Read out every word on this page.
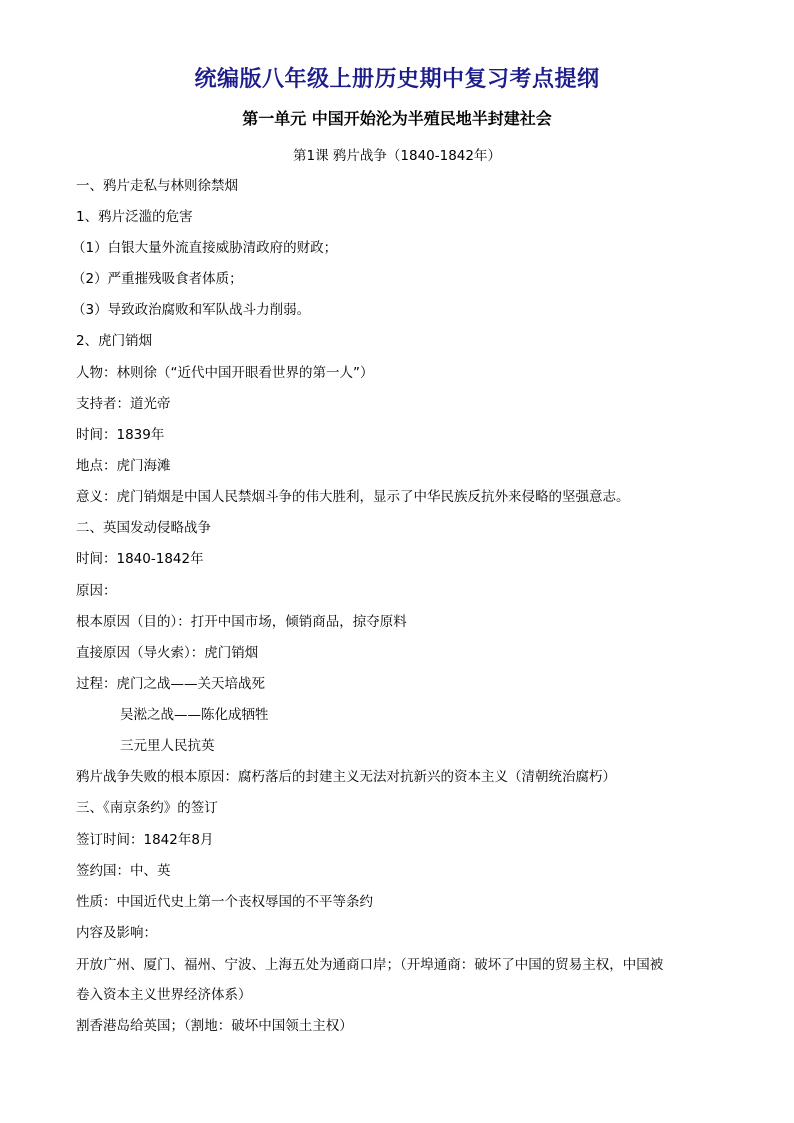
统编版八年级上册历史期中复习考点提纲
第一单元 中国开始沦为半殖民地半封建社会
第1课 鸦片战争（1840-1842年）
一、鸦片走私与林则徐禁烟
1、鸦片泛滥的危害
（1）白银大量外流直接威胁清政府的财政；
（2）严重摧残吸食者体质；
（3）导致政治腐败和军队战斗力削弱。
2、虎门销烟
人物：林则徐（“近代中国开眼看世界的第一人”）
支持者：道光帝
时间：1839年
地点：虎门海滩
意义：虎门销烟是中国人民禁烟斗争的伟大胜利，显示了中华民族反抗外来侵略的坚强意志。
二、英国发动侵略战争
时间：1840-1842年
原因：
根本原因（目的）：打开中国市场，倾销商品，掠夺原料
直接原因（导火索）：虎门销烟
过程：虎门之战——关天培战死
吴淞之战——陈化成牺牲
三元里人民抗英
鸦片战争失败的根本原因：腐朽落后的封建主义无法对抗新兴的资本主义（清朝统治腐朽）
三、《南京条约》的签订
签订时间：1842年8月
签约国：中、英
性质：中国近代史上第一个丧权辱国的不平等条约
内容及影响：
开放广州、厦门、福州、宁波、上海五处为通商口岸；（开埠通商：破坏了中国的贸易主权，中国被
卷入资本主义世界经济体系）
割香港岛给英国；（割地：破坏中国领土主权）
